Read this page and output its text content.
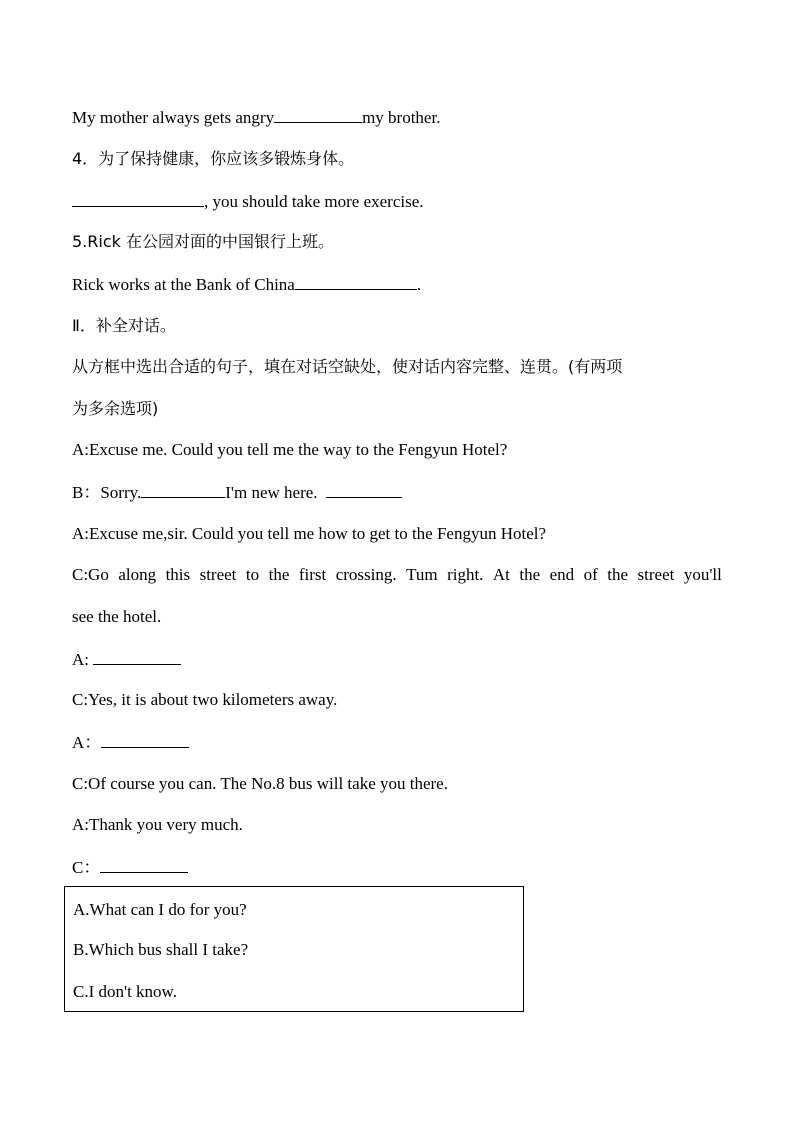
My mother always gets angry	my brother.
4．为了保持健康，你应该多锻炼身体。
, you should take more exercise.
5.Rick 在公园对面的中国银行上班。
Rick works at the Bank of China	.
Ⅱ．补全对话。
从方框中选出合适的句子，填在对话空缺处，使对话内容完整、连贯。(有两项
为多余选项)
A:Excuse me. Could you tell me the way to the Fengyun Hotel?
B：Sorry.	I'm new here.
A:Excuse me,sir. Could you tell me how to get to the Fengyun Hotel?
C:Go along this street to the first crossing. Tum right. At the end of the street you'll
see the hotel.
A:
C:Yes, it is about two kilometers away.
A：
C:Of course you can. The No.8 bus will take you there.
A:Thank you very much.
C：
A.What can I do for you?
B.Which bus shall I take?
C.I don't know.
